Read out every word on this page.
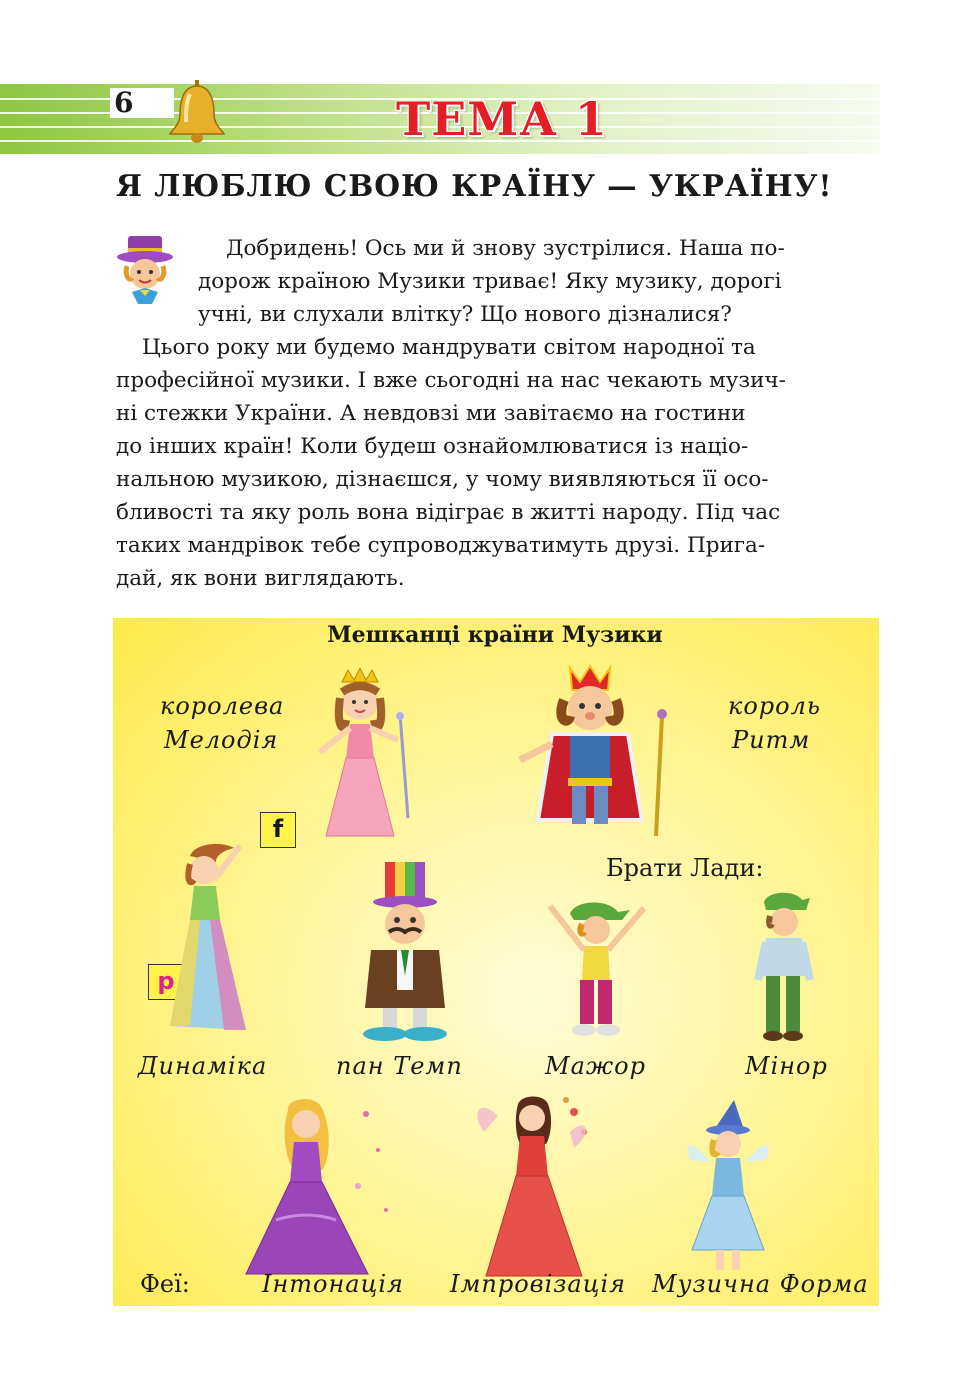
6	ТЕМА 1
Я ЛЮБЛЮ СВОЮ КРАЇНУ — УКРАЇНУ!
Добридень! Ось ми й знову зустрілися. Наша по-
дорож країною Музики триває! Яку музику, дорогі
учні, ви слухали влітку? Що нового дізналися?
Цього року ми будемо мандрувати світом народної та
професійної музики. І вже сьогодні на нас чекають музич-
ні стежки України. А невдовзі ми завітаємо на гостини
до інших країн! Коли будеш ознайомлюватися із націо-
нальною музикою, дізнаєшся, у чому виявляються її осо-
бливості та яку роль вона відіграє в житті народу. Під час
таких мандрівок тебе супроводжуватимуть друзі. Прига-
дай, як вони виглядають.
Мешканці країни Музики
королева
Мелодія
король
Ритм
f
p
Динаміка	пан Темп
Брати Лади:
Мажор	Мінор
Феї:	Інтонація Імпровізація Музична Форма
